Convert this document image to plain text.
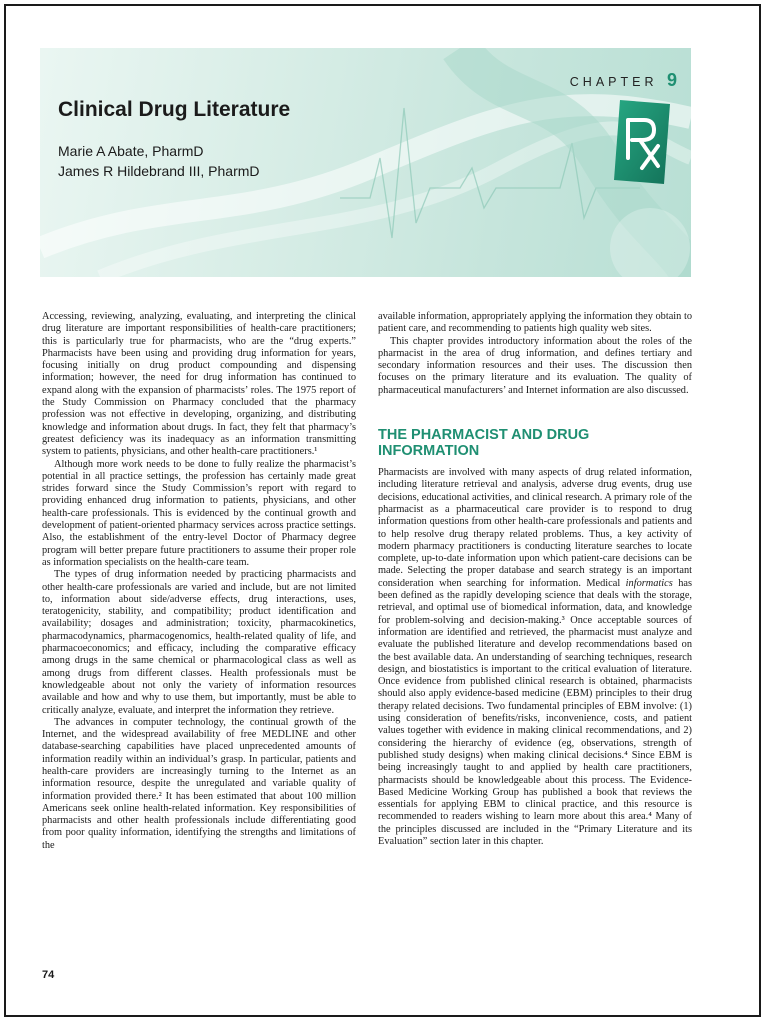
CHAPTER 9
Clinical Drug Literature
Marie A Abate, PharmD
James R Hildebrand III, PharmD

Accessing, reviewing, analyzing, evaluating, and interpreting the clinical drug literature are important responsibilities of health-care practitioners; this is particularly true for pharmacists, who are the “drug experts.” Pharmacists have been using and providing drug information for years, focusing initially on drug product compounding and dispensing information; however, the need for drug information has continued to expand along with the expansion of pharmacists’ roles. The 1975 report of the Study Commission on Pharmacy concluded that the pharmacy profession was not effective in developing, organizing, and distributing knowledge and information about drugs. In fact, they felt that pharmacy’s greatest deficiency was its inadequacy as an information transmitting system to patients, physicians, and other health-care practitioners.¹

Although more work needs to be done to fully realize the pharmacist’s potential in all practice settings, the profession has certainly made great strides forward since the Study Commission’s report with regard to providing enhanced drug information to patients, physicians, and other health-care professionals. This is evidenced by the continual growth and development of patient-oriented pharmacy services across practice settings. Also, the establishment of the entry-level Doctor of Pharmacy degree program will better prepare future practitioners to assume their proper role as information specialists on the health-care team.

The types of drug information needed by practicing pharmacists and other health-care professionals are varied and include, but are not limited to, information about side/adverse effects, drug interactions, uses, teratogenicity, stability, and compatibility; product identification and availability; dosages and administration; toxicity, pharmacokinetics, pharmacodynamics, pharmacogenomics, health-related quality of life, and pharmacoeconomics; and efficacy, including the comparative efficacy among drugs in the same chemical or pharmacological class as well as among drugs from different classes. Health professionals must be knowledgeable about not only the variety of information resources available and how and why to use them, but importantly, must be able to critically analyze, evaluate, and interpret the information they retrieve.

The advances in computer technology, the continual growth of the Internet, and the widespread availability of free MEDLINE and other database-searching capabilities have placed unprecedented amounts of information readily within an individual’s grasp. In particular, patients and health-care providers are increasingly turning to the Internet as an information resource, despite the unregulated and variable quality of information provided there.² It has been estimated that about 100 million Americans seek online health-related information. Key responsibilities of pharmacists and other health professionals include differentiating good from poor quality information, identifying the strengths and limitations of the

available information, appropriately applying the information they obtain to patient care, and recommending to patients high quality web sites.

This chapter provides introductory information about the roles of the pharmacist in the area of drug information, and defines tertiary and secondary information resources and their uses. The discussion then focuses on the primary literature and its evaluation. The quality of pharmaceutical manufacturers’ and Internet information are also discussed.

THE PHARMACIST AND DRUG INFORMATION

Pharmacists are involved with many aspects of drug related information, including literature retrieval and analysis, adverse drug events, drug use decisions, educational activities, and clinical research. A primary role of the pharmacist as a pharmaceutical care provider is to respond to drug information questions from other health-care professionals and patients and to help resolve drug therapy related problems. Thus, a key activity of modern pharmacy practitioners is conducting literature searches to locate complete, up-to-date information upon which patient-care decisions can be made. Selecting the proper database and search strategy is an important consideration when searching for information. Medical informatics has been defined as the rapidly developing science that deals with the storage, retrieval, and optimal use of biomedical information, data, and knowledge for problem-solving and decision-making.³ Once acceptable sources of information are identified and retrieved, the pharmacist must analyze and evaluate the published literature and develop recommendations based on the best available data. An understanding of searching techniques, research design, and biostatistics is important to the critical evaluation of literature. Once evidence from published clinical research is obtained, pharmacists should also apply evidence-based medicine (EBM) principles to their drug therapy related decisions. Two fundamental principles of EBM involve: (1) using consideration of benefits/risks, inconvenience, costs, and patient values together with evidence in making clinical recommendations, and 2) considering the hierarchy of evidence (eg, observations, strength of published study designs) when making clinical decisions.⁴ Since EBM is being increasingly taught to and applied by health care practitioners, pharmacists should be knowledgeable about this process. The Evidence-Based Medicine Working Group has published a book that reviews the essentials for applying EBM to clinical practice, and this resource is recommended to readers wishing to learn more about this area.⁴ Many of the principles discussed are included in the “Primary Literature and its Evaluation” section later in this chapter.

74
